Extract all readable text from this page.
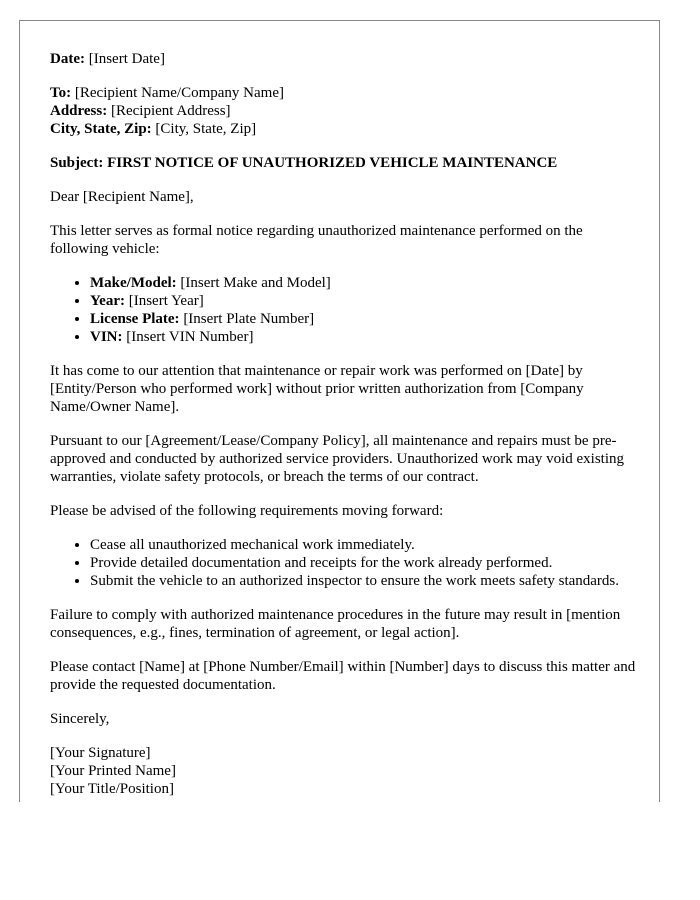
Date: [Insert Date]

To: [Recipient Name/Company Name]
Address: [Recipient Address]
City, State, Zip: [City, State, Zip]

Subject: FIRST NOTICE OF UNAUTHORIZED VEHICLE MAINTENANCE

Dear [Recipient Name],

This letter serves as formal notice regarding unauthorized maintenance performed on the following vehicle:

• Make/Model: [Insert Make and Model]
• Year: [Insert Year]
• License Plate: [Insert Plate Number]
• VIN: [Insert VIN Number]

It has come to our attention that maintenance or repair work was performed on [Date] by [Entity/Person who performed work] without prior written authorization from [Company Name/Owner Name].

Pursuant to our [Agreement/Lease/Company Policy], all maintenance and repairs must be pre-approved and conducted by authorized service providers. Unauthorized work may void existing warranties, violate safety protocols, or breach the terms of our contract.

Please be advised of the following requirements moving forward:

• Cease all unauthorized mechanical work immediately.
• Provide detailed documentation and receipts for the work already performed.
• Submit the vehicle to an authorized inspector to ensure the work meets safety standards.

Failure to comply with authorized maintenance procedures in the future may result in [mention consequences, e.g., fines, termination of agreement, or legal action].

Please contact [Name] at [Phone Number/Email] within [Number] days to discuss this matter and provide the requested documentation.

Sincerely,

[Your Signature]
[Your Printed Name]
[Your Title/Position]
